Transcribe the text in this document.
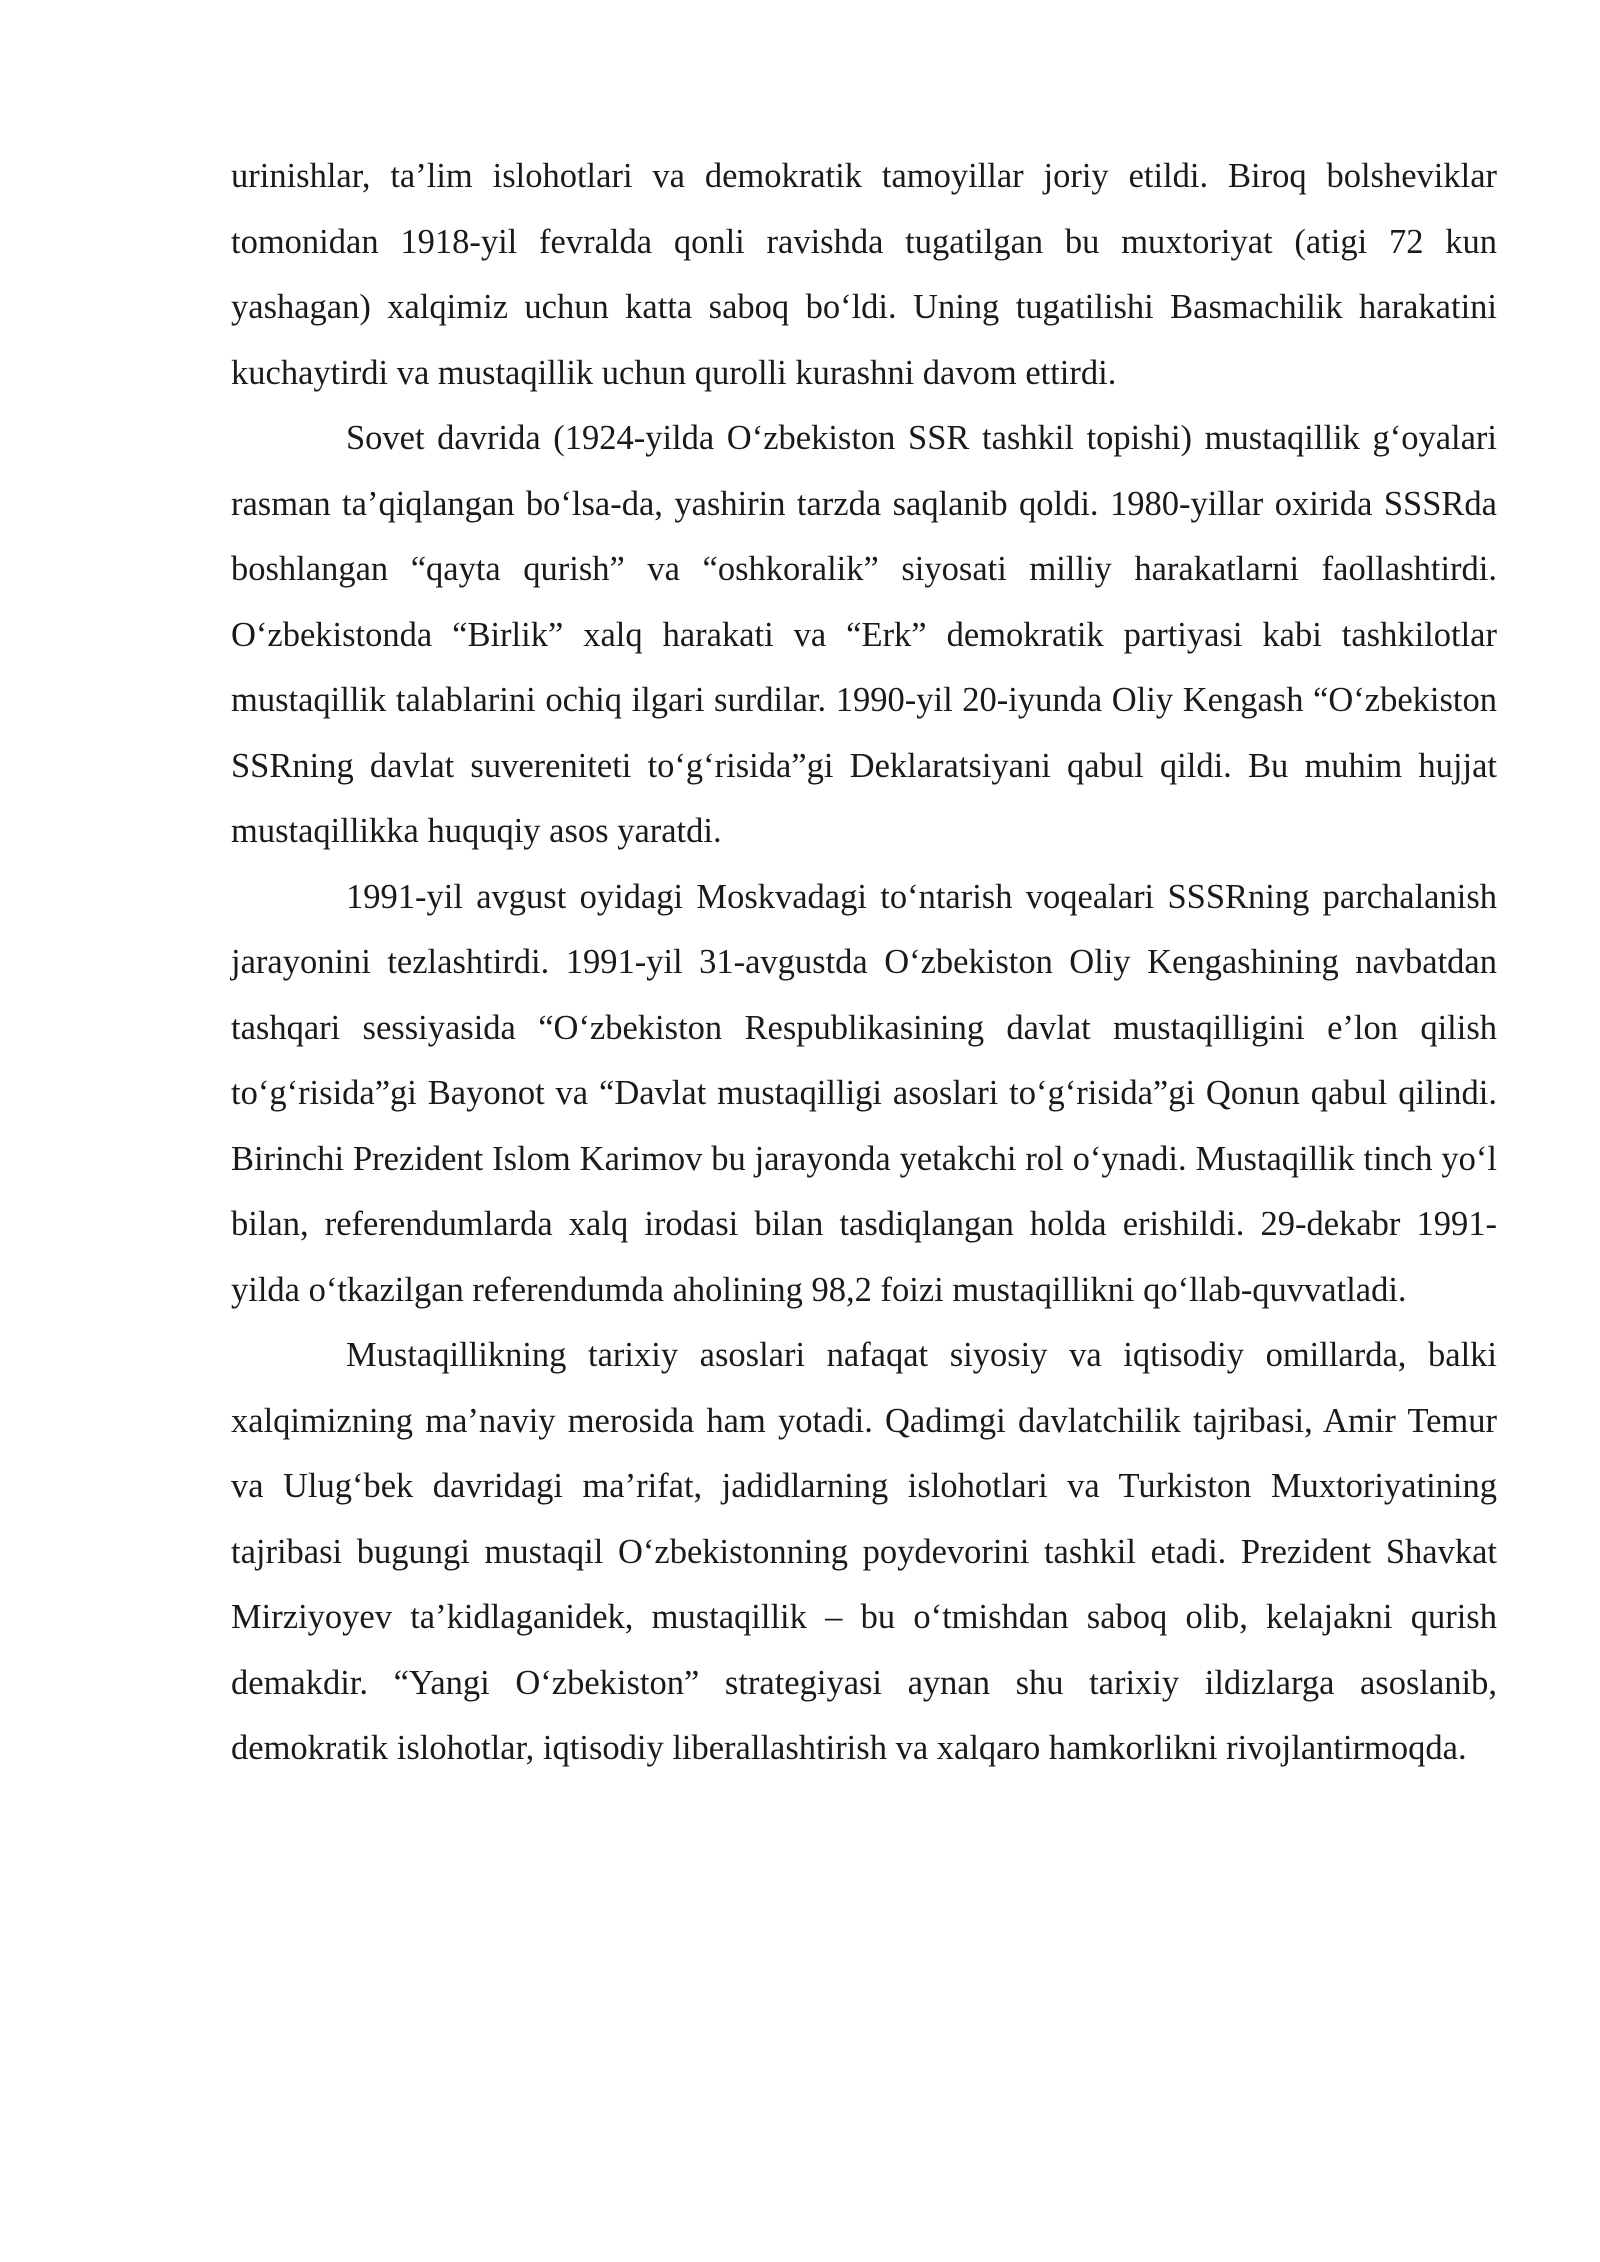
urinishlar, ta’lim islohotlari va demokratik tamoyillar joriy etildi. Biroq bolsheviklar tomonidan 1918-yil fevralda qonli ravishda tugatilgan bu muxtoriyat (atigi 72 kun yashagan) xalqimiz uchun katta saboq bo‘ldi. Uning tugatilishi Basmachilik harakatini kuchaytirdi va mustaqillik uchun qurolli kurashni davom ettirdi.

Sovet davrida (1924-yilda O‘zbekiston SSR tashkil topishi) mustaqillik g‘oyalari rasman ta’qiqlangan bo‘lsa-da, yashirin tarzda saqlanib qoldi. 1980-yillar oxirida SSSRda boshlangan “qayta qurish” va “oshkoralik” siyosati milliy harakatlarni faollashtirdi. O‘zbekistonda “Birlik” xalq harakati va “Erk” demokratik partiyasi kabi tashkilotlar mustaqillik talablarini ochiq ilgari surdilar. 1990-yil 20-iyunda Oliy Kengash “O‘zbekiston SSRning davlat suvereniteti to‘g‘risida”gi Deklaratsiyani qabul qildi. Bu muhim hujjat mustaqillikka huquqiy asos yaratdi.

1991-yil avgust oyidagi Moskvadagi to‘ntarish voqealari SSSRning parchalanish jarayonini tezlashtirdi. 1991-yil 31-avgustda O‘zbekiston Oliy Kengashining navbatdan tashqari sessiyasida “O‘zbekiston Respublikasining davlat mustaqilligini e’lon qilish to‘g‘risida”gi Bayonot va “Davlat mustaqilligi asoslari to‘g‘risida”gi Qonun qabul qilindi. Birinchi Prezident Islom Karimov bu jarayonda yetakchi rol o‘ynadi. Mustaqillik tinch yo‘l bilan, referendumlarda xalq irodasi bilan tasdiqlangan holda erishildi. 29-dekabr 1991-yilda o‘tkazilgan referendumda aholining 98,2 foizi mustaqillikni qo‘llab-quvvatladi.

Mustaqillikning tarixiy asoslari nafaqat siyosiy va iqtisodiy omillarda, balki xalqimizning ma’naviy merosida ham yotadi. Qadimgi davlatchilik tajribasi, Amir Temur va Ulug‘bek davridagi ma’rifat, jadidlarning islohotlari va Turkiston Muxtoriyatining tajribasi bugungi mustaqil O‘zbekistonning poydevorini tashkil etadi. Prezident Shavkat Mirziyoyev ta’kidlaganidek, mustaqillik – bu o‘tmishdan saboq olib, kelajakni qurish demakdir. “Yangi O‘zbekiston” strategiyasi aynan shu tarixiy ildizlarga asoslanib, demokratik islohotlar, iqtisodiy liberallashtirish va xalqaro hamkorlikni rivojlantirmoqda.
